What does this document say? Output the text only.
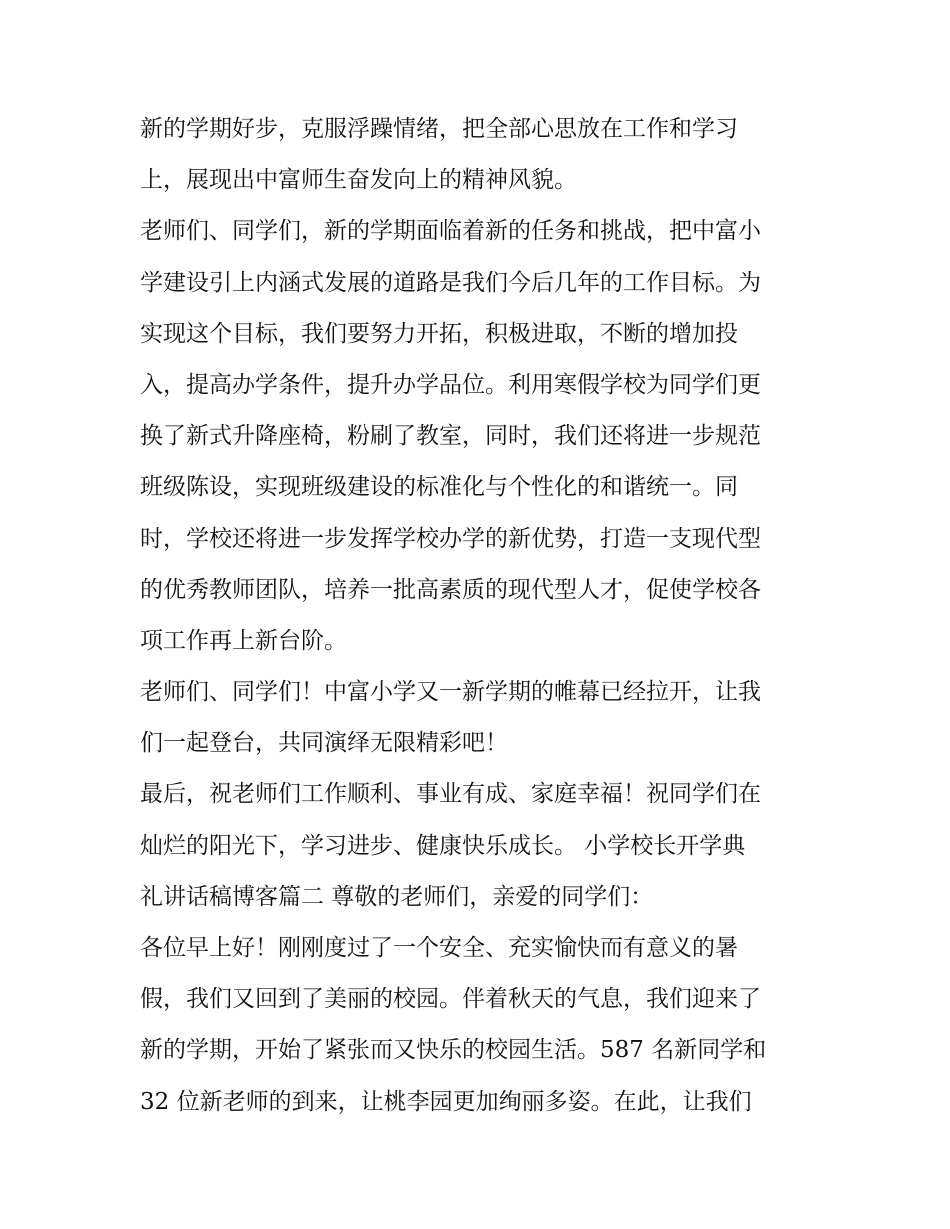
新的学期好步，克服浮躁情绪，把全部心思放在工作和学习
上，展现出中富师生奋发向上的精神风貌。
老师们、同学们，新的学期面临着新的任务和挑战，把中富小
学建设引上内涵式发展的道路是我们今后几年的工作目标。为
实现这个目标，我们要努力开拓，积极进取，不断的增加投
入，提高办学条件，提升办学品位。利用寒假学校为同学们更
换了新式升降座椅，粉刷了教室，同时，我们还将进一步规范
班级陈设，实现班级建设的标准化与个性化的和谐统一。同
时，学校还将进一步发挥学校办学的新优势，打造一支现代型
的优秀教师团队，培养一批高素质的现代型人才，促使学校各
项工作再上新台阶。
老师们、同学们！中富小学又一新学期的帷幕已经拉开，让我
们一起登台，共同演绎无限精彩吧！
最后，祝老师们工作顺利、事业有成、家庭幸福！祝同学们在
灿烂的阳光下，学习进步、健康快乐成长。 小学校长开学典
礼讲话稿博客篇二 尊敬的老师们，亲爱的同学们：
各位早上好！刚刚度过了一个安全、充实愉快而有意义的暑
假，我们又回到了美丽的校园。伴着秋天的气息，我们迎来了
新的学期，开始了紧张而又快乐的校园生活。587 名新同学和
32 位新老师的到来，让桃李园更加绚丽多姿。在此，让我们
